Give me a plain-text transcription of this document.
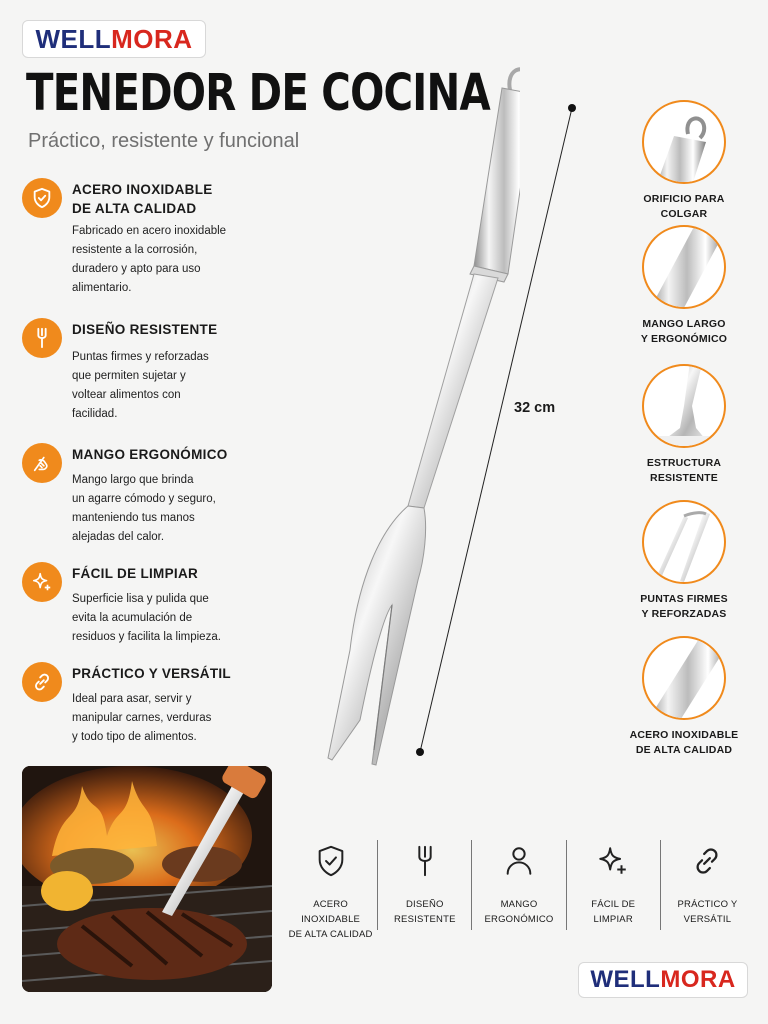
WELL MORA
TENEDOR DE COCINA
Práctico, resistente y funcional
ACERO INOXIDABLE
DE ALTA CALIDAD

Fabricado en acero inoxidable
resistente a la corrosión,
duradero y apto para uso
alimentario.

DISEÑO RESISTENTE

Puntas firmes y reforzadas
que permiten sujetar y
voltear alimentos con
facilidad.

MANGO ERGONÓMICO

Mango largo que brinda
un agarre cómodo y seguro,
manteniendo tus manos
alejadas del calor.

FÁCIL DE LIMPIAR

Superficie lisa y pulida que
evita la acumulación de
residuos y facilita la limpieza.

PRÁCTICO Y VERSÁTIL

Ideal para asar, servir y
manipular carnes, verduras
y todo tipo de alimentos.

32 cm
ORIFICIO PARA COLGAR
MANGO LARGO
Y ERGONÓMICO
ESTRUCTURA
RESISTENTE
PUNTAS FIRMES
Y REFORZADAS
ACERO INOXIDABLE
DE ALTA CALIDAD
ACERO INOXIDABLE
DE ALTA CALIDAD
DISEÑO
RESISTENTE
MANGO
ERGONÓMICO
FÁCIL DE
LIMPIAR
PRÁCTICO Y
VERSÁTIL
WELL MORA
